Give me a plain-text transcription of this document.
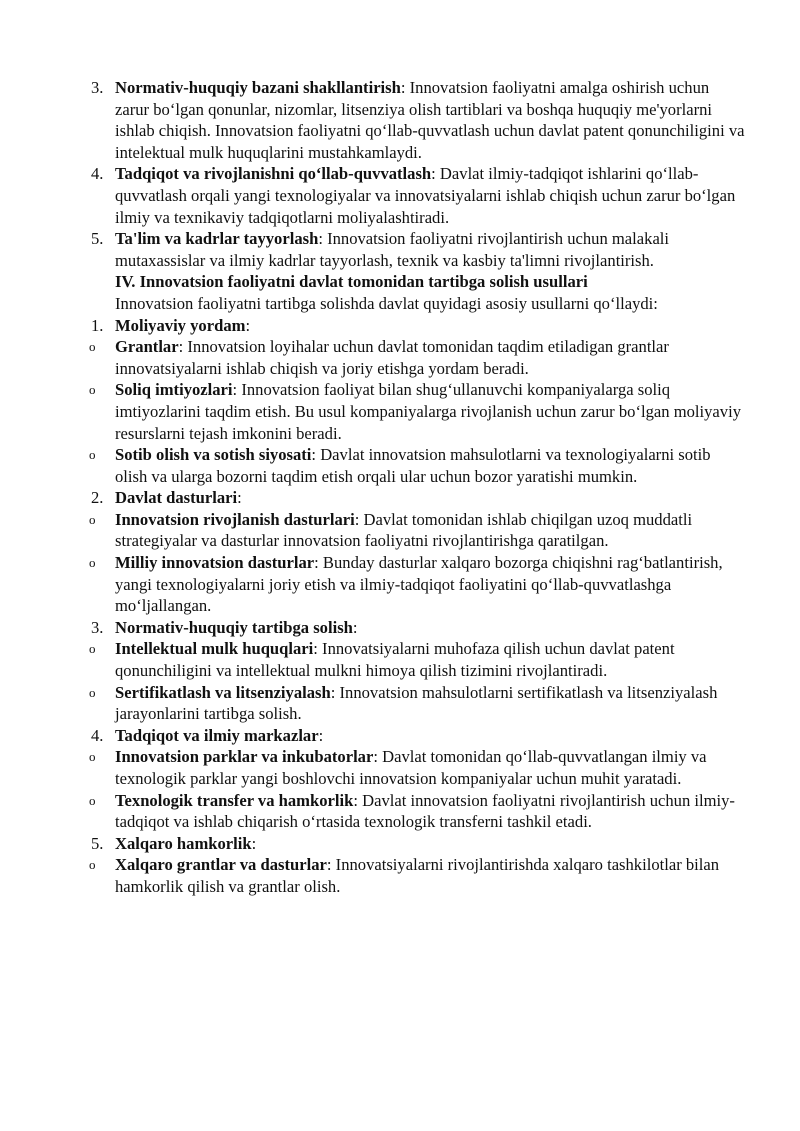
3. Normativ-huquqiy bazani shakllantirish: Innovatsion faoliyatni amalga oshirish uchun zarur bo‘lgan qonunlar, nizomlar, litsenziya olish tartiblari va boshqa huquqiy me'yorlarni ishlab chiqish. Innovatsion faoliyatni qo‘llab-quvvatlash uchun davlat patent qonunchiligini va intelektual mulk huquqlarini mustahkamlaydi.
4. Tadqiqot va rivojlanishni qo‘llab-quvvatlash: Davlat ilmiy-tadqiqot ishlarini qo‘llab-quvvatlash orqali yangi texnologiyalar va innovatsiyalarni ishlab chiqish uchun zarur bo‘lgan ilmiy va texnikaviy tadqiqotlarni moliyalashtiradi.
5. Ta'lim va kadrlar tayyorlash: Innovatsion faoliyatni rivojlantirish uchun malakali mutaxassislar va ilmiy kadrlar tayyorlash, texnik va kasbiy ta'limni rivojlantirish.
IV. Innovatsion faoliyatni davlat tomonidan tartibga solish usullari
Innovatsion faoliyatni tartibga solishda davlat quyidagi asosiy usullarni qo‘llaydi:
1. Moliyaviy yordam:
o Grantlar: Innovatsion loyihalar uchun davlat tomonidan taqdim etiladigan grantlar innovatsiyalarni ishlab chiqish va joriy etishga yordam beradi.
o Soliq imtiyozlari: Innovatsion faoliyat bilan shug‘ullanuvchi kompaniyalarga soliq imtiyozlarini taqdim etish. Bu usul kompaniyalarga rivojlanish uchun zarur bo‘lgan moliyaviy resurslarni tejash imkonini beradi.
o Sotib olish va sotish siyosati: Davlat innovatsion mahsulotlarni va texnologiyalarni sotib olish va ularga bozorni taqdim etish orqali ular uchun bozor yaratishi mumkin.
2. Davlat dasturlari:
o Innovatsion rivojlanish dasturlari: Davlat tomonidan ishlab chiqilgan uzoq muddatli strategiyalar va dasturlar innovatsion faoliyatni rivojlantirishga qaratilgan.
o Milliy innovatsion dasturlar: Bunday dasturlar xalqaro bozorga chiqishni rag‘batlantirish, yangi texnologiyalarni joriy etish va ilmiy-tadqiqot faoliyatini qo‘llab-quvvatlashga mo‘ljallangan.
3. Normativ-huquqiy tartibga solish:
o Intellektual mulk huquqlari: Innovatsiyalarni muhofaza qilish uchun davlat patent qonunchiligini va intellektual mulkni himoya qilish tizimini rivojlantiradi.
o Sertifikatlash va litsenziyalash: Innovatsion mahsulotlarni sertifikatlash va litsenziyalash jarayonlarini tartibga solish.
4. Tadqiqot va ilmiy markazlar:
o Innovatsion parklar va inkubatorlar: Davlat tomonidan qo‘llab-quvvatlangan ilmiy va texnologik parklar yangi boshlovchi innovatsion kompaniyalar uchun muhit yaratadi.
o Texnologik transfer va hamkorlik: Davlat innovatsion faoliyatni rivojlantirish uchun ilmiy-tadqiqot va ishlab chiqarish o‘rtasida texnologik transferni tashkil etadi.
5. Xalqaro hamkorlik:
o Xalqaro grantlar va dasturlar: Innovatsiyalarni rivojlantirishda xalqaro tashkilotlar bilan hamkorlik qilish va grantlar olish.
